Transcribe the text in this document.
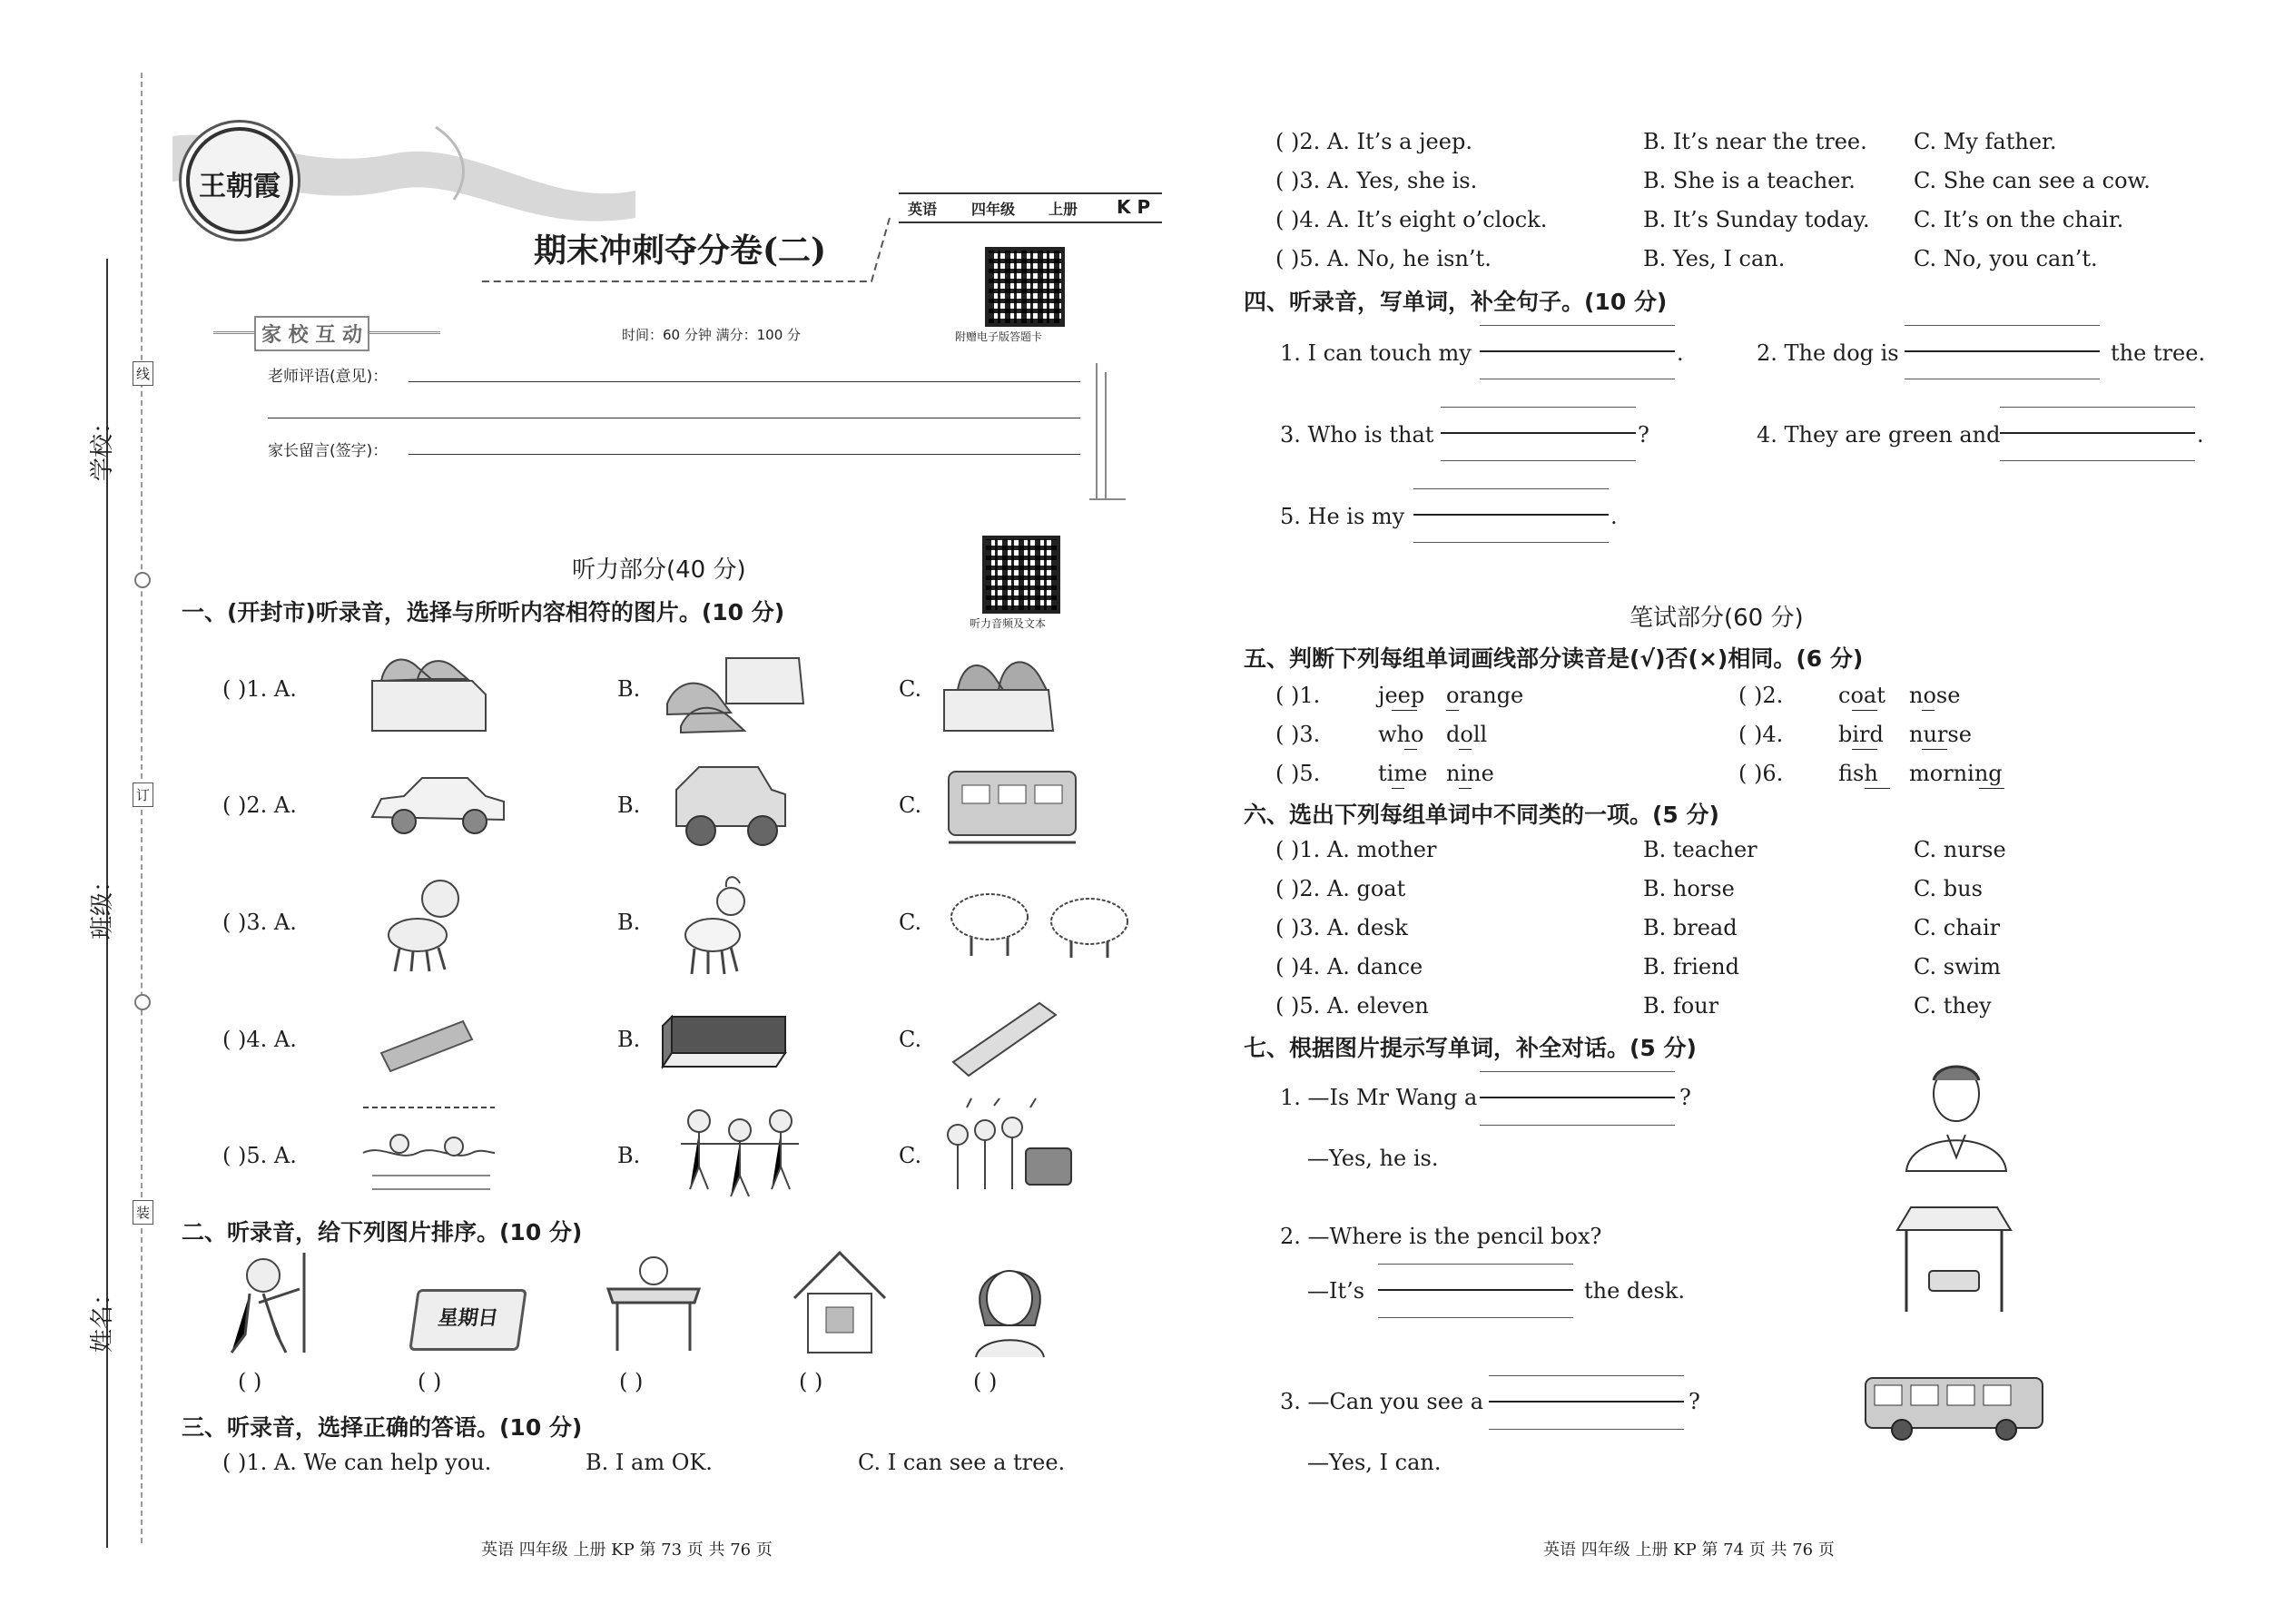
学校：
线
班级：
订
姓名：
装
王朝霞
英语 四年级 上册 K P
期末冲刺夺分卷(二)
附赠电子版答题卡
家 校 互 动	时间：60 分钟 满分：100 分
老师评语(意见)：
家长留言(签字)：
听力部分(40 分)
听力音频及文本
一、(开封市)听录音，选择与所听内容相符的图片。(10 分)
( )1. A.	B.	C.
( )2. A.	B.	C.
( )3. A.	B.	C.
( )4. A.	B.	C.
( )5. A.	B.	C.
二、听录音，给下列图片排序。(10 分)
星期日
( )	( )	( )	( )	( )
三、听录音，选择正确的答语。(10 分)
( )1. A. We can help you.	B. I am OK.	C. I can see a tree.
英语 四年级 上册 KP 第 73 页 共 76 页
( )2. A. It’s a jeep.	B. It’s near the tree. C. My father.
( )3. A. Yes, she is.	B. She is a teacher.	C. She can see a cow.
( )4. A. It’s eight o’clock.	B. It’s Sunday today. C. It’s on the chair.
( )5. A. No, he isn’t.	B. Yes, I can.	C. No, you can’t.
四、听录音，写单词，补全句子。(10 分)
1. I can touch my	.	2. The dog is	the tree.
3. Who is that	?	4. They are green and	.
5. He is my	.
笔试部分(60 分)
五、判断下列每组单词画线部分读音是(√)否(×)相同。(6 分)
( )1.	jeep orange	( )2.	coat nose
( )3.	who doll	( )4.	bird nurse
( )5.	time nine	( )6.	fish morning
六、选出下列每组单词中不同类的一项。(5 分)
( )1. A. mother	B. teacher	C. nurse
( )2. A. goat	B. horse	C. bus
( )3. A. desk	B. bread	C. chair
( )4. A. dance	B. friend	C. swim
( )5. A. eleven	B. four	C. they
七、根据图片提示写单词，补全对话。(5 分)
1. —Is Mr Wang a	?
—Yes, he is.
2. —Where is the pencil box?
—It’s	the desk.
3. —Can you see a	?
—Yes, I can.
英语 四年级 上册 KP 第 74 页 共 76 页
